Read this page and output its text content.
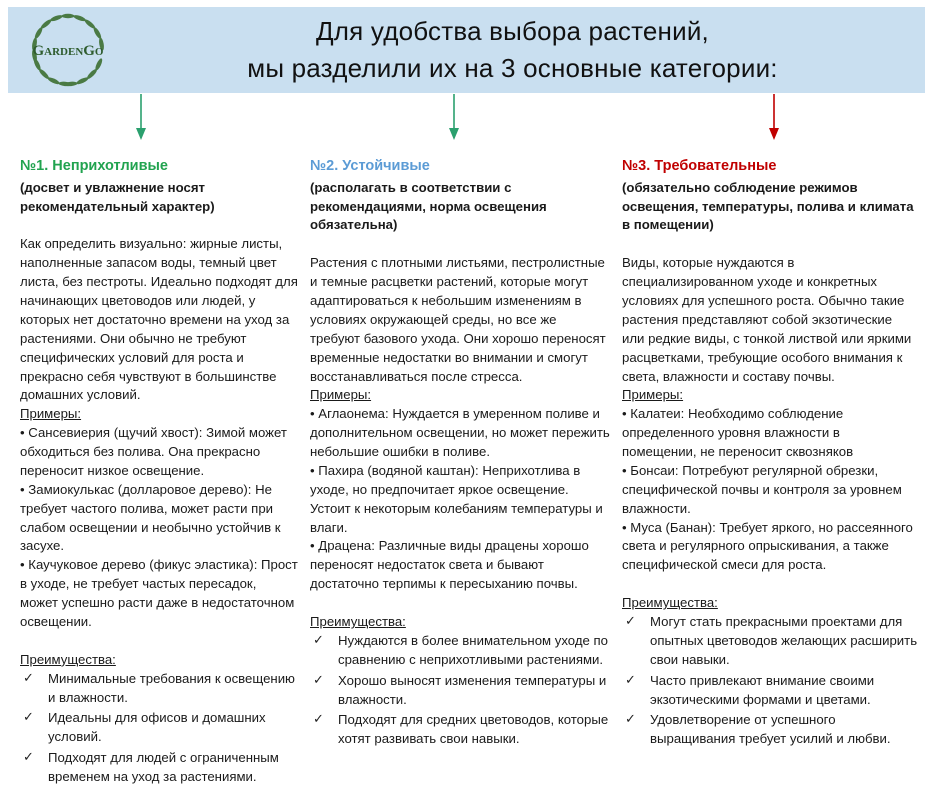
GardenGo
Для удобства выбора растений,
мы разделили их на 3 основные категории:

№1. Неприхотливые

(досвет и увлажнение носят рекомендательный характер)

Как определить визуально: жирные листы, наполненные запасом воды, темный цвет листа, без пестроты. Идеально подходят для начинающих цветоводов или людей, у которых нет достаточно времени на уход за растениями. Они обычно не требуют специфических условий для роста и прекрасно себя чувствуют в большинстве домашних условий.

Примеры:

• Сансевиерия (щучий хвост): Зимой может обходиться без полива. Она прекрасно переносит низкое освещение.

• Замиокулькас (долларовое дерево): Не требует частого полива, может расти при слабом освещении и необычно устойчив к засухе.

• Каучуковое дерево (фикус эластика): Прост в уходе, не требует частых пересадок, может успешно расти даже в недостаточном освещении.

Преимущества:

✓ Минимальные требования к освещению и влажности.
✓ Идеальны для офисов и домашних условий.
✓ Подходят для людей с ограниченным временем на уход за растениями.

№2. Устойчивые

(располагать в соответствии с рекомендациями, норма освещения обязательна)

Растения с плотными листьями, пестролистные и темные расцветки растений, которые могут адаптироваться к небольшим изменениям в условиях окружающей среды, но все же требуют базового ухода. Они хорошо переносят временные недостатки во внимании и смогут восстанавливаться после стресса.

Примеры:

• Аглаонема: Нуждается в умеренном поливе и дополнительном освещении, но может пережить небольшие ошибки в поливе.

• Пахира (водяной каштан): Неприхотлива в уходе, но предпочитает яркое освещение. Устоит к некоторым колебаниям температуры и влаги.

• Драцена: Различные виды драцены хорошо переносят недостаток света и бывают достаточно терпимы к пересыханию почвы.

Преимущества:

✓ Нуждаются в более внимательном уходе по сравнению с неприхотливыми растениями.
✓ Хорошо выносят изменения температуры и влажности.
✓ Подходят для средних цветоводов, которые хотят развивать свои навыки.

№3. Требовательные

(обязательно соблюдение режимов освещения, температуры, полива и климата в помещении)

Виды, которые нуждаются в специализированном уходе и конкретных условиях для успешного роста. Обычно такие растения представляют собой экзотические или редкие виды, с тонкой листвой или яркими расцветками, требующие особого внимания к света, влажности и составу почвы.

Примеры:

• Калатеи: Необходимо соблюдение определенного уровня влажности в помещении, не переносит сквозняков

• Бонсаи: Потребуют регулярной обрезки, специфической почвы и контроля за уровнем влажности.

• Муса (Банан): Требует яркого, но рассеянного света и регулярного опрыскивания, а также специфической смеси для роста.

Преимущества:

✓ Могут стать прекрасными проектами для опытных цветоводов желающих расширить свои навыки.
✓ Часто привлекают внимание своими экзотическими формами и цветами.
✓ Удовлетворение от успешного выращивания требует усилий и любви.
